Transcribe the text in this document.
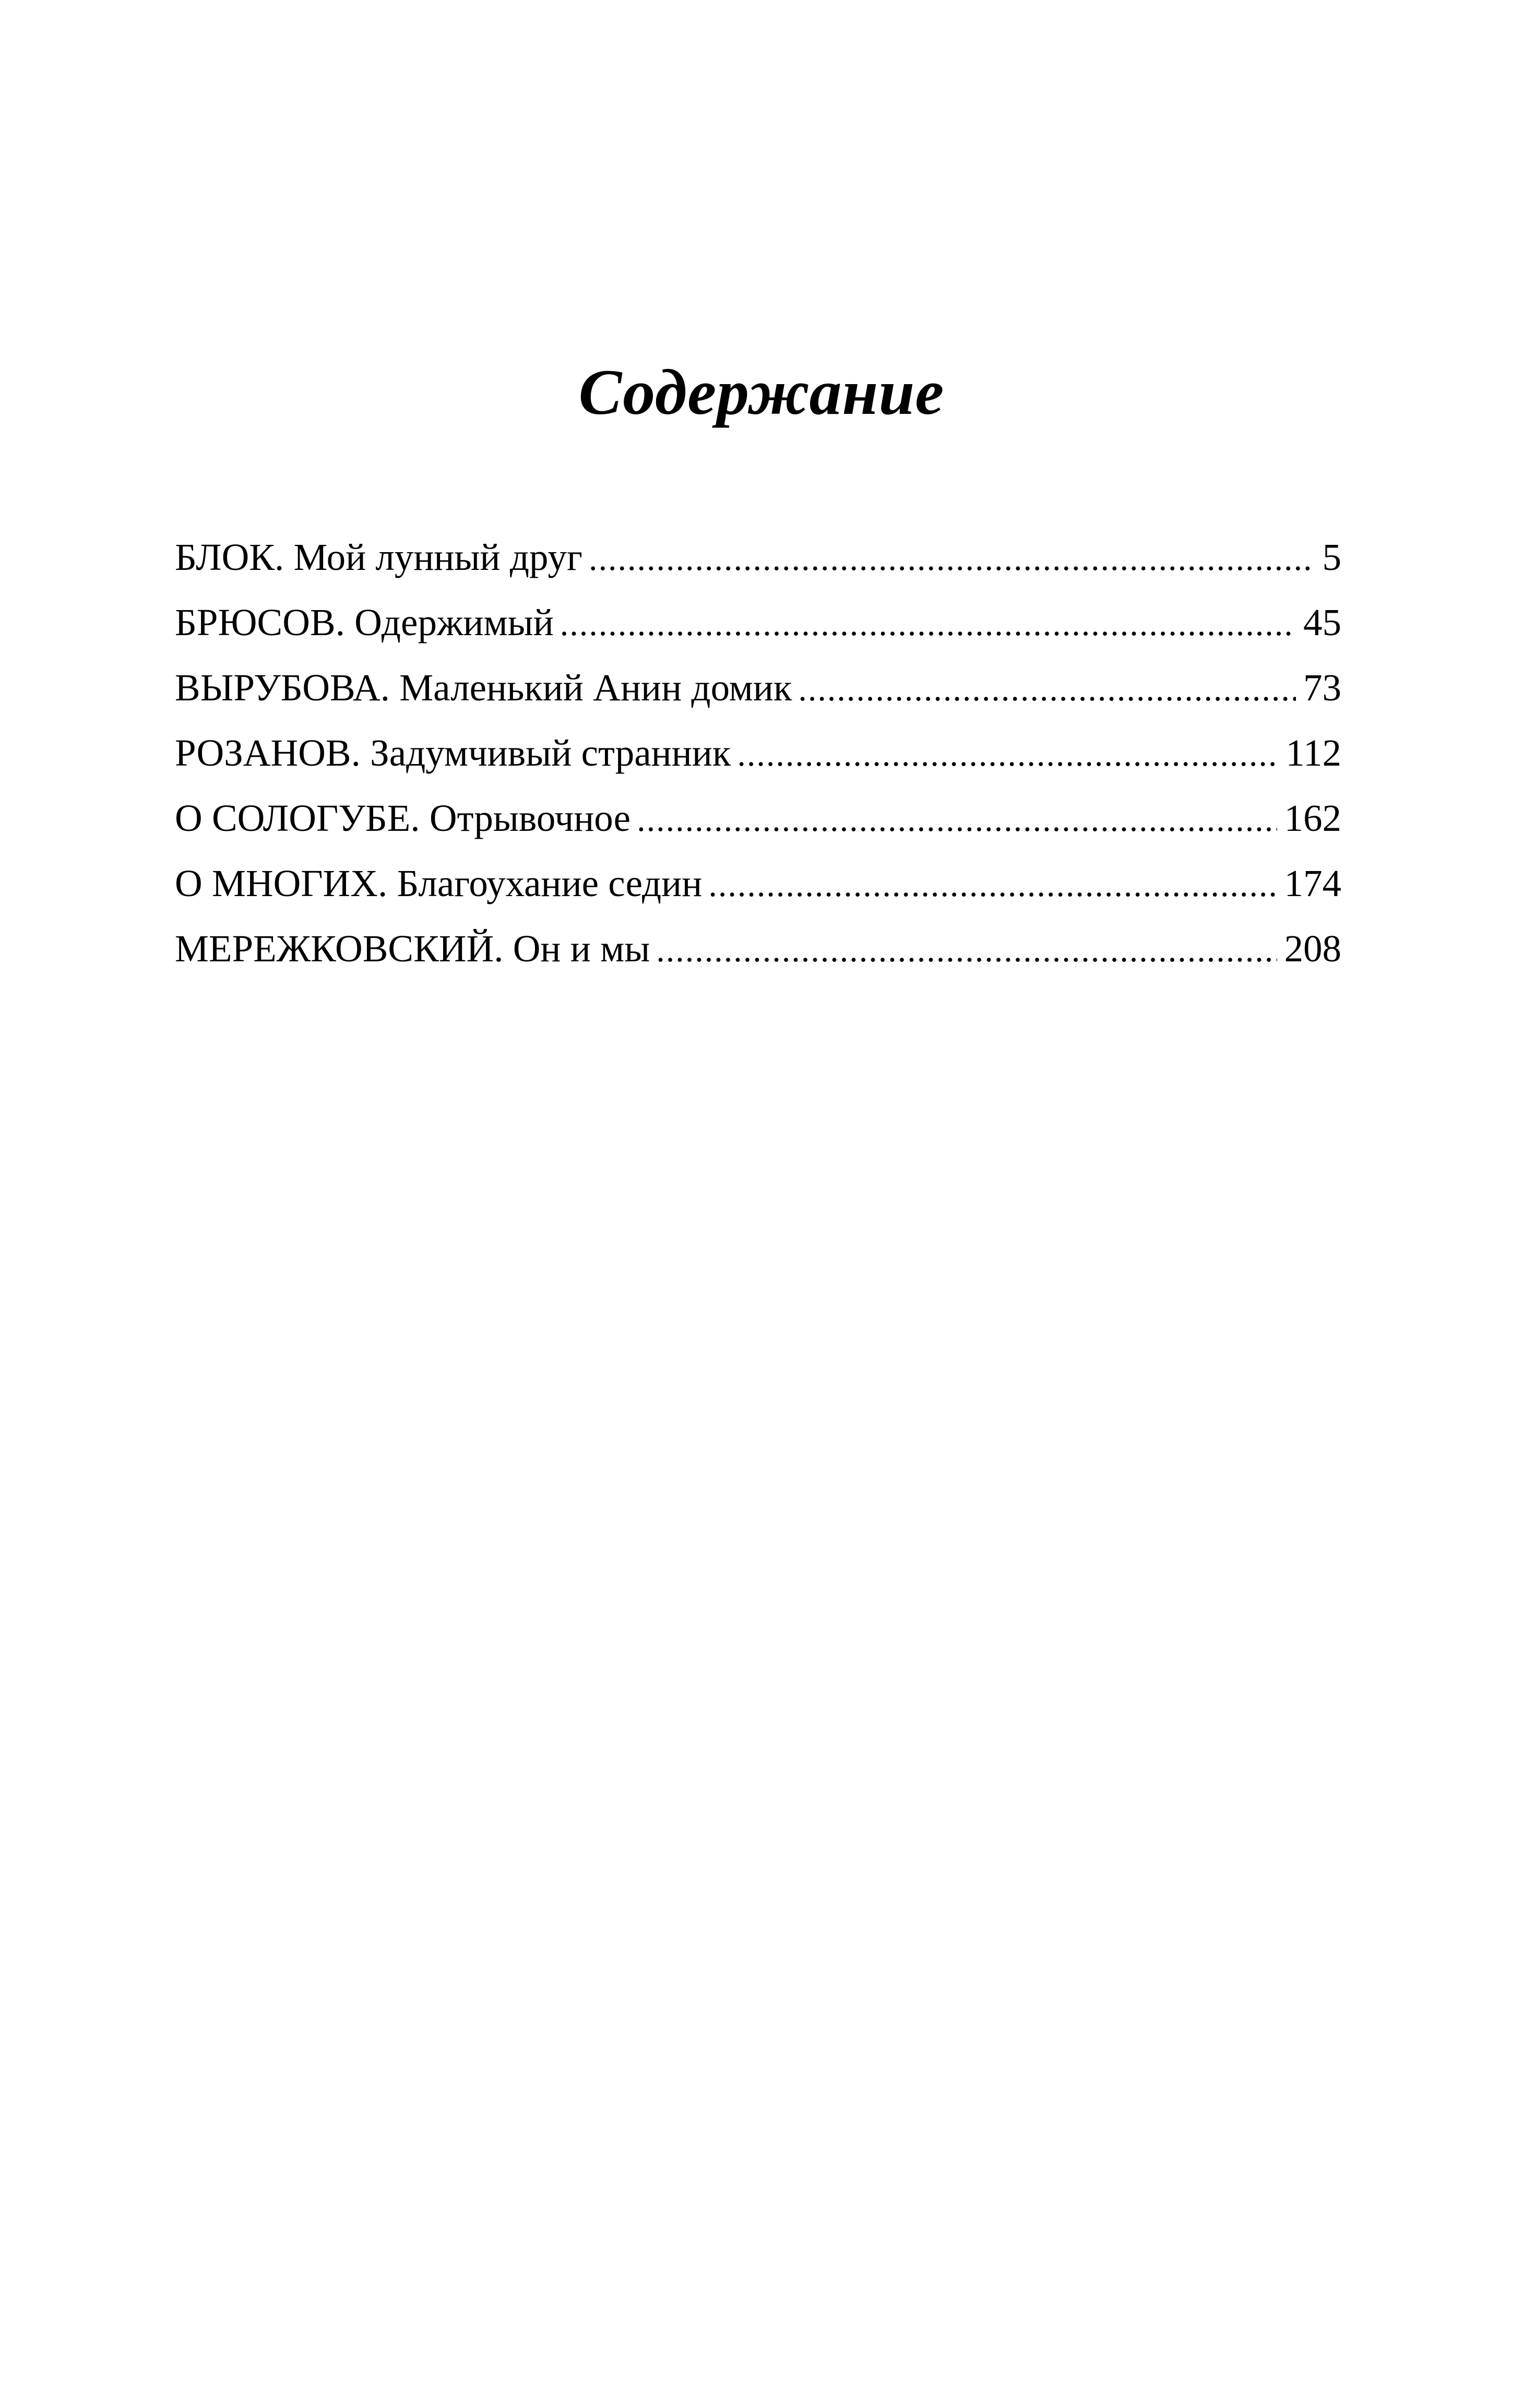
Содержание
БЛОК. Мой лунный друг .....	5
БРЮСОВ. Одержимый .....	45
ВЫРУБОВА. Маленький Анин домик .....	73
РОЗАНОВ. Задумчивый странник .....	112
О СОЛОГУБЕ. Отрывочное .....	162
О МНОГИХ. Благоухание седин .....	174
МЕРЕЖКОВСКИЙ. Он и мы .....	208
